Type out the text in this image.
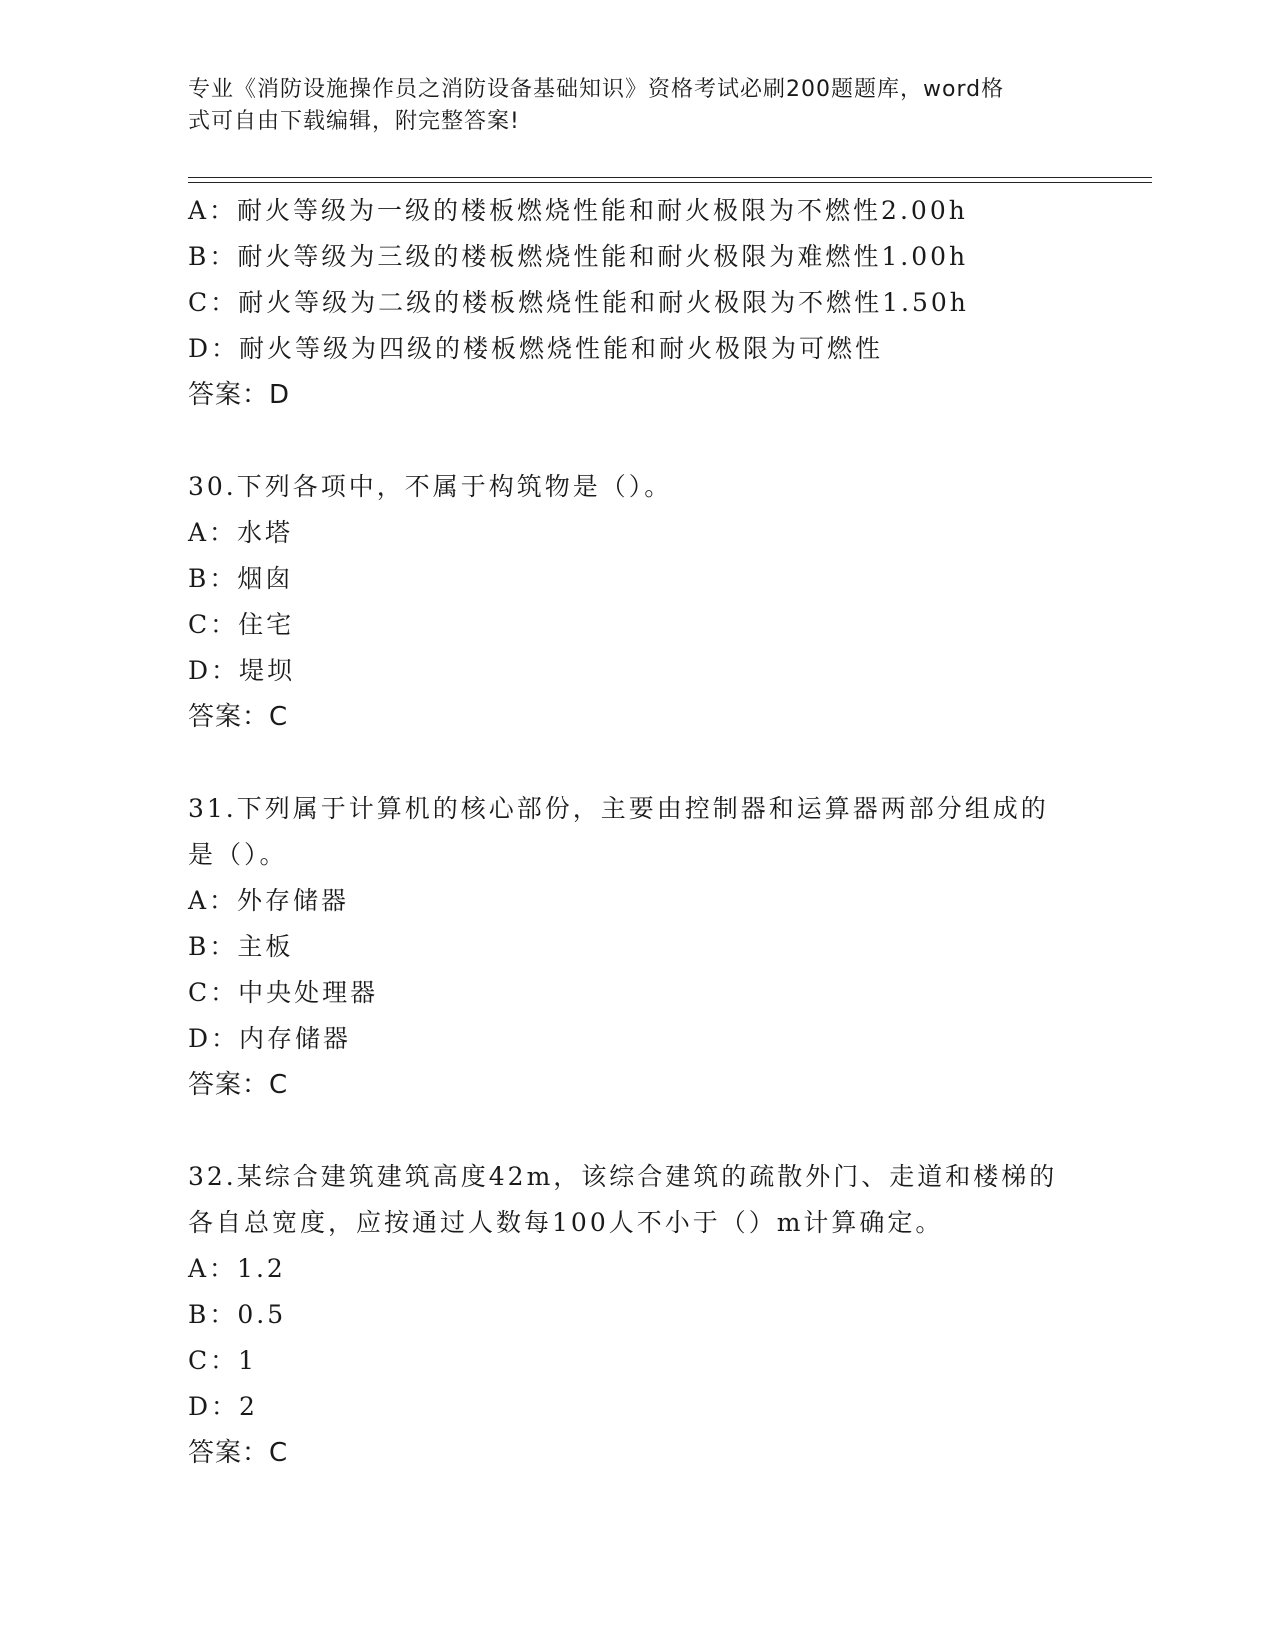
专业《消防设施操作员之消防设备基础知识》资格考试必刷200题题库，word格
式可自由下载编辑，附完整答案!
A：耐火等级为一级的楼板燃烧性能和耐火极限为不燃性2.00h
B：耐火等级为三级的楼板燃烧性能和耐火极限为难燃性1.00h
C：耐火等级为二级的楼板燃烧性能和耐火极限为不燃性1.50h
D：耐火等级为四级的楼板燃烧性能和耐火极限为可燃性
答案：D
30.下列各项中，不属于构筑物是（）。
A：水塔
B：烟囱
C：住宅
D：堤坝
答案：C
31.下列属于计算机的核心部份，主要由控制器和运算器两部分组成的
是（）。
A：外存储器
B：主板
C：中央处理器
D：内存储器
答案：C
32.某综合建筑建筑高度42m，该综合建筑的疏散外门、走道和楼梯的
各自总宽度，应按通过人数每100人不小于（）m计算确定。
A：1.2
B：0.5
C：1
D：2
答案：C
